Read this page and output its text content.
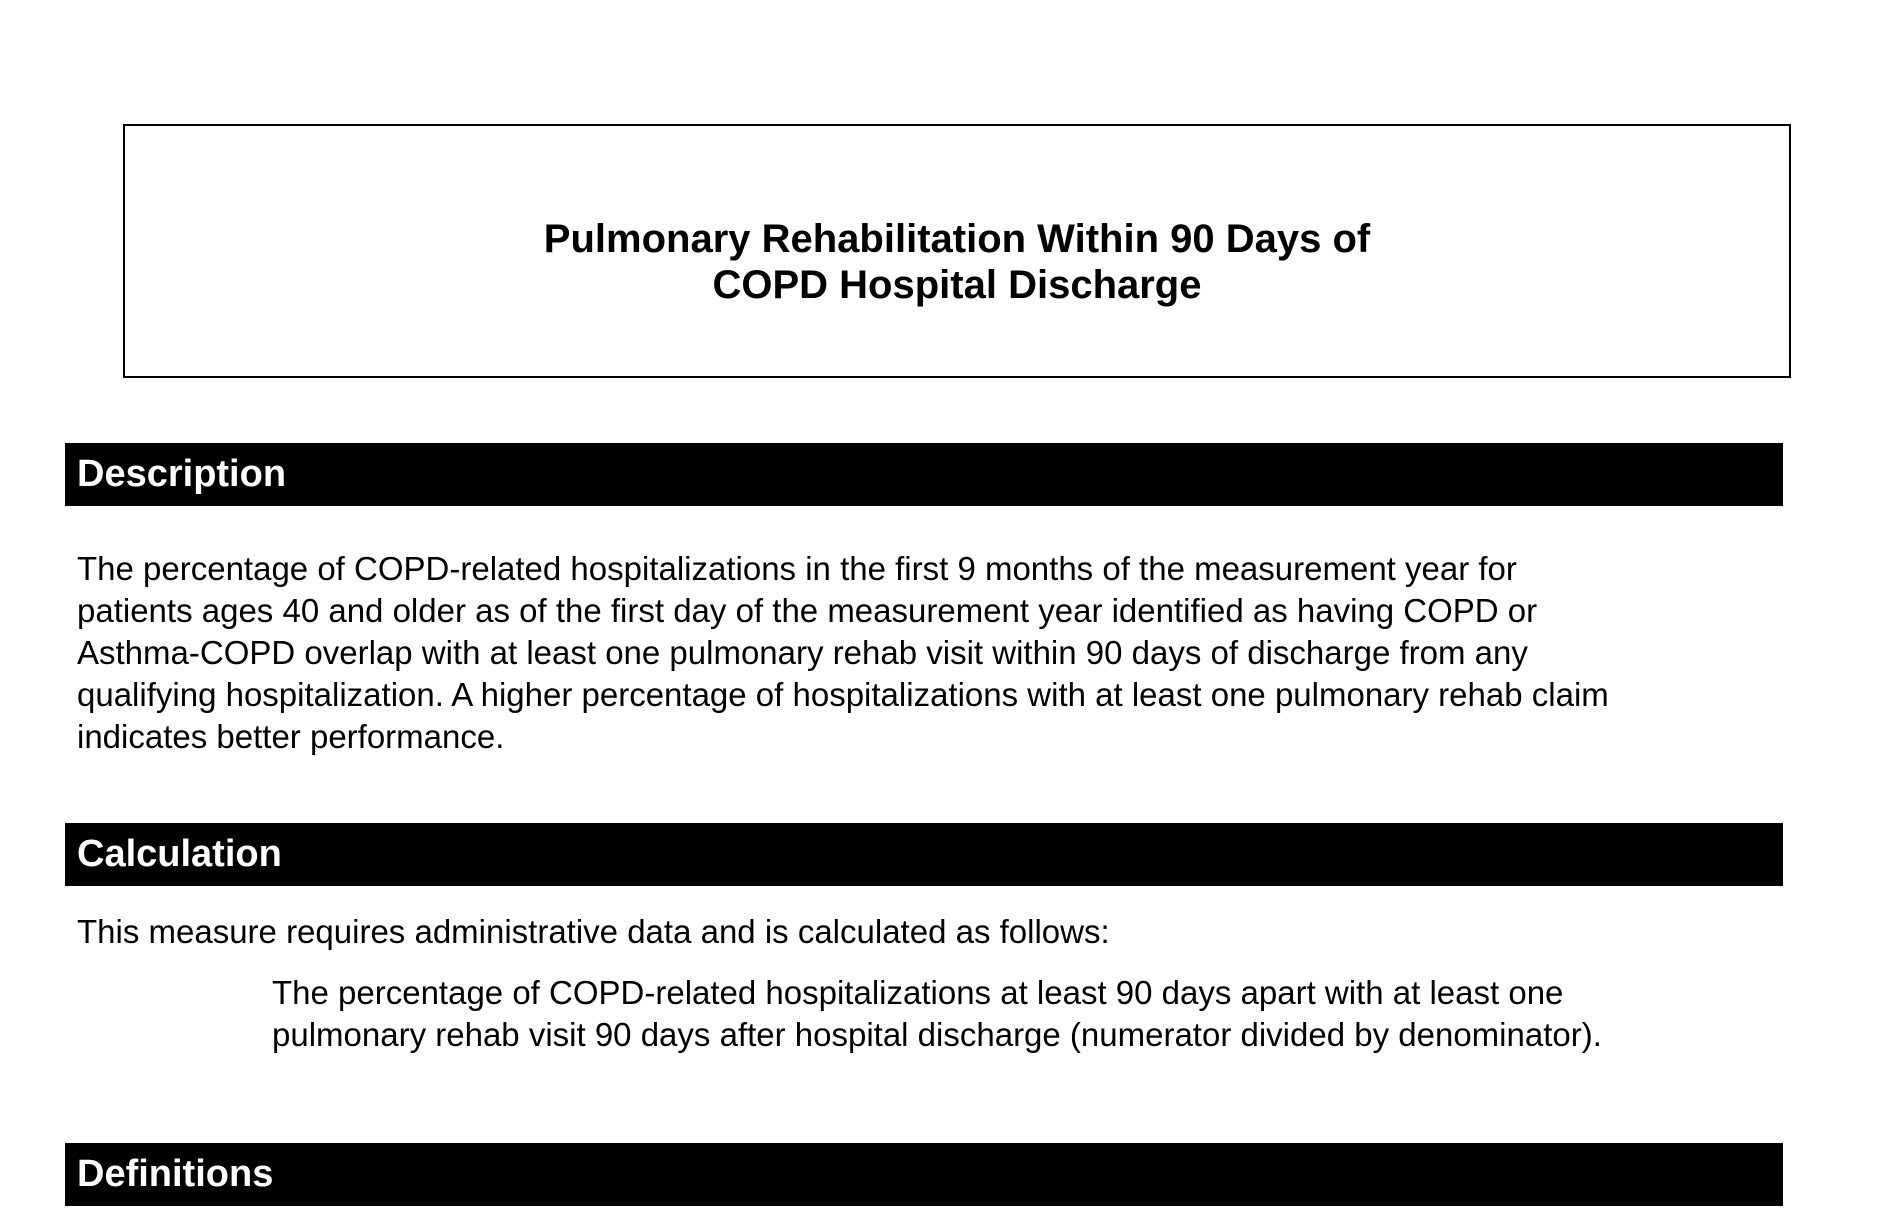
Pulmonary Rehabilitation Within 90 Days of
COPD Hospital Discharge
Description
The percentage of COPD-related hospitalizations in the first 9 months of the measurement year for
patients ages 40 and older as of the first day of the measurement year identified as having COPD or
Asthma-COPD overlap with at least one pulmonary rehab visit within 90 days of discharge from any
qualifying hospitalization. A higher percentage of hospitalizations with at least one pulmonary rehab claim
indicates better performance.
Calculation
This measure requires administrative data and is calculated as follows:
The percentage of COPD-related hospitalizations at least 90 days apart with at least one
pulmonary rehab visit 90 days after hospital discharge (numerator divided by denominator).
Definitions
